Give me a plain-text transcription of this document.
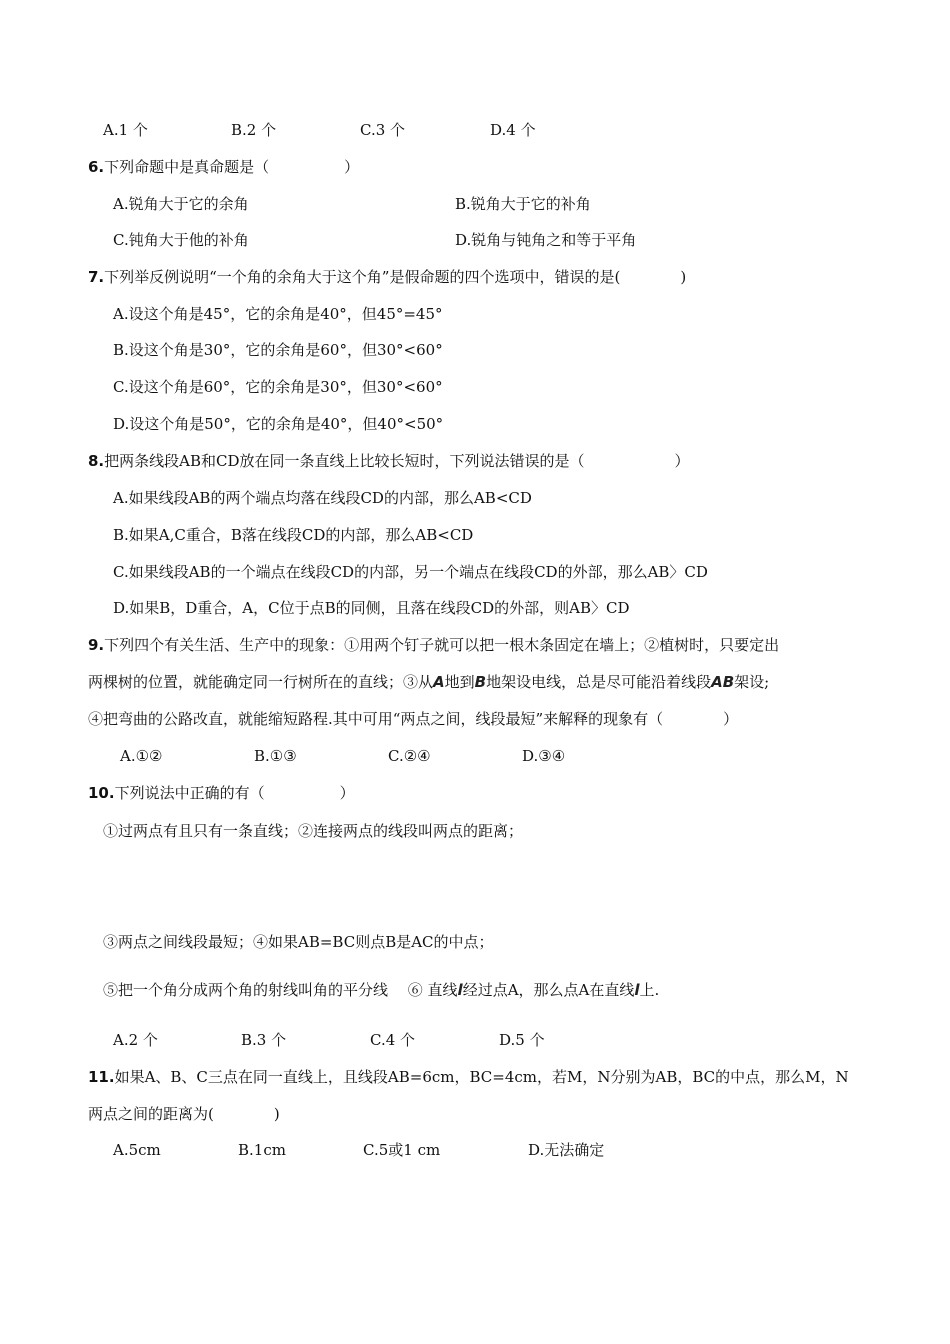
A.1 个	B.2 个	C.3 个	D.4 个
6.下列命题中是真命题是（　　　　　）
A.锐角大于它的余角	B.锐角大于它的补角
C.钝角大于他的补角	D.锐角与钝角之和等于平角
7.下列举反例说明“一个角的余角大于这个角”是假命题的四个选项中，错误的是(　　　　)
A.设这个角是45°，它的余角是40°，但45°=45°
B.设这个角是30°，它的余角是60°，但30°<60°
C.设这个角是60°，它的余角是30°，但30°<60°
D.设这个角是50°，它的余角是40°，但40°<50°
8.把两条线段AB和CD放在同一条直线上比较长短时，下列说法错误的是（　　　　　　）
A.如果线段AB的两个端点均落在线段CD的内部，那么AB<CD
B.如果A,C重合，B落在线段CD的内部，那么AB<CD
C.如果线段AB的一个端点在线段CD的内部，另一个端点在线段CD的外部，那么AB〉CD
D.如果B，D重合，A，C位于点B的同侧，且落在线段CD的外部，则AB〉CD
9.下列四个有关生活、生产中的现象：①用两个钉子就可以把一根木条固定在墙上；②植树时，只要定出
两棵树的位置，就能确定同一行树所在的直线；③从A地到B地架设电线，总是尽可能沿着线段AB架设;
④把弯曲的公路改直，就能缩短路程.其中可用“两点之间，线段最短”来解释的现象有（　　　　）
A.①②	B.①③	C.②④	D.③④
10.下列说法中正确的有（　　　　　）
①过两点有且只有一条直线；②连接两点的线段叫两点的距离；
③两点之间线段最短；④如果AB=BC则点B是AC的中点；
⑤把一个角分成两个角的射线叫角的平分线　 ⑥ 直线l经过点A，那么点A在直线l上.
A.2 个	B.3 个	C.4 个	D.5 个
11.如果A、B、C三点在同一直线上，且线段AB=6cm，BC=4cm，若M，N分别为AB，BC的中点，那么M，N
两点之间的距离为(　　　　)
A.5cm	B.1cm	C.5或1 cm	D.无法确定
